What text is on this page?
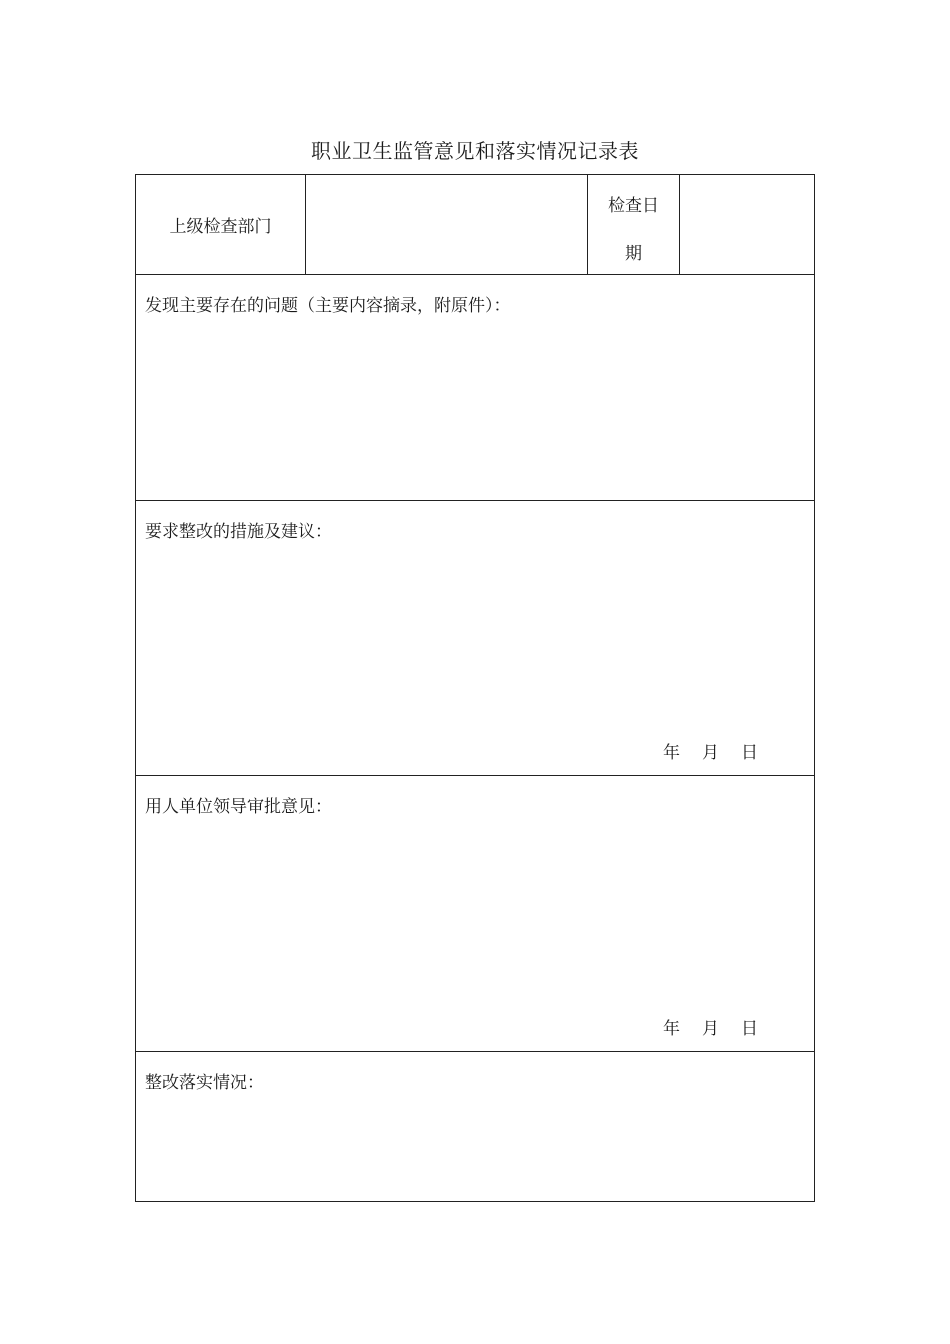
职业卫生监管意见和落实情况记录表
上级检查部门
检查日
期
发现主要存在的问题（主要内容摘录，附原件）：
要求整改的措施及建议：
年 月 日
用人单位领导审批意见：
年 月 日
整改落实情况：
